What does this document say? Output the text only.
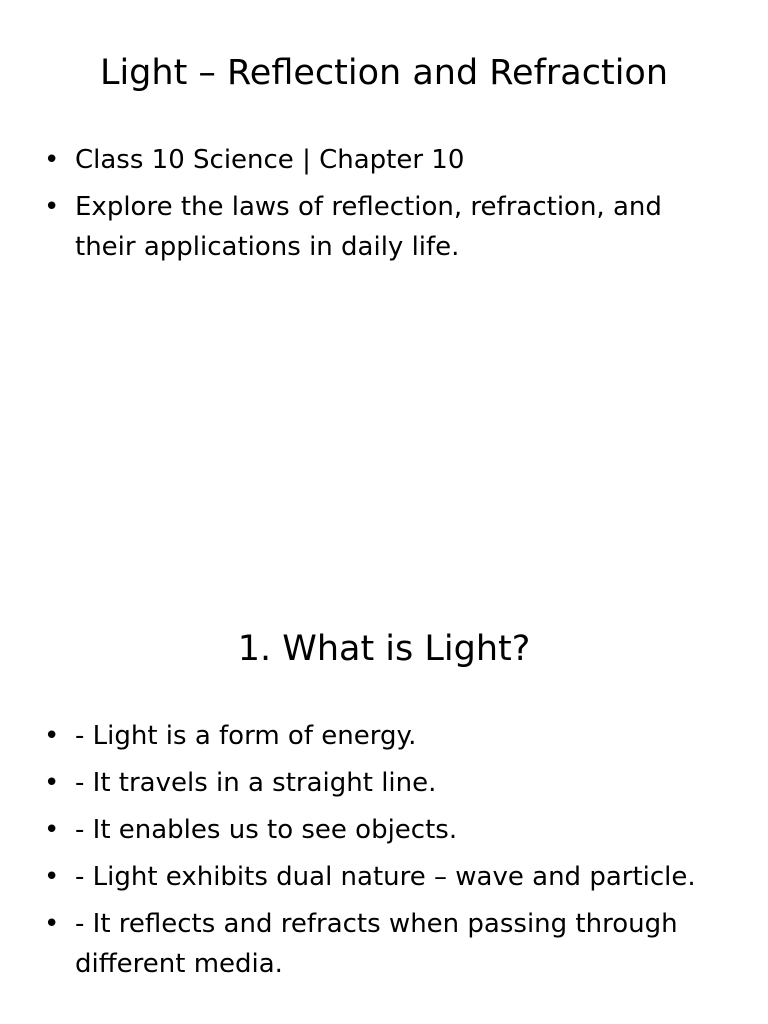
Light – Reflection and Refraction
• Class 10 Science | Chapter 10
• Explore the laws of reflection, refraction, and their applications in daily life.
1. What is Light?
• - Light is a form of energy.
• - It travels in a straight line.
• - It enables us to see objects.
• - Light exhibits dual nature – wave and particle.
• - It reflects and refracts when passing through different media.
